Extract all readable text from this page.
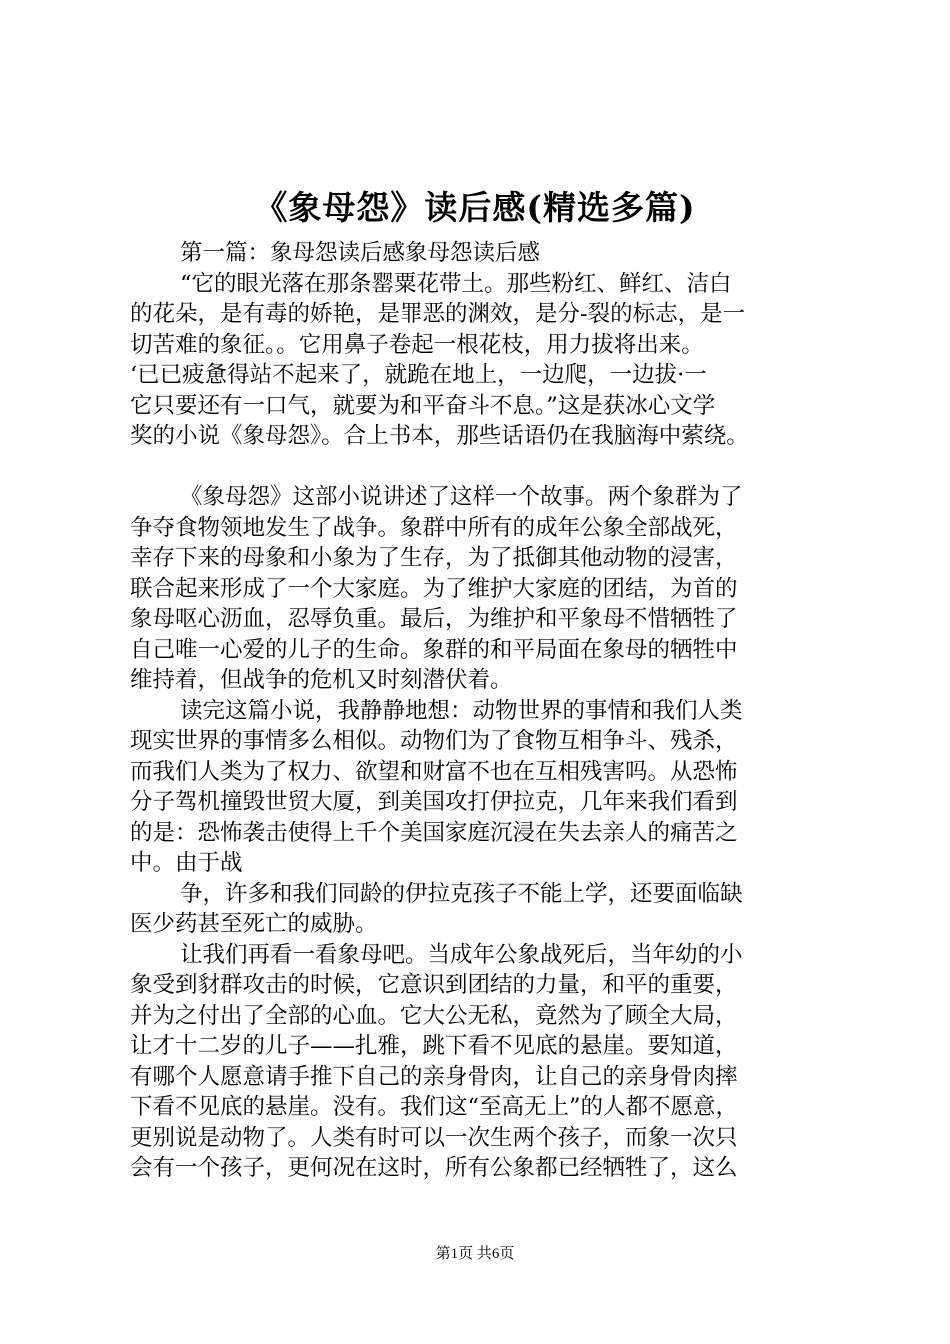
《象母怨》读后感(精选多篇)
第一篇：象母怨读后感象母怨读后感
“它的眼光落在那条罂粟花带土。那些粉红、鲜红、洁白
的花朵，是有毒的娇艳，是罪恶的渊效，是分-裂的标志，是一
切苦难的象征。。它用鼻子卷起一根花枝，用力拔将出来。
‘已已疲惫得站不起来了，就跪在地上，一边爬，一边拔·一
它只要还有一口气，就要为和平奋斗不息。”这是获冰心文学
奖的小说《象母怨》。合上书本，那些话语仍在我脑海中萦绕。
《象母怨》这部小说讲述了这样一个故事。两个象群为了
争夺食物领地发生了战争。象群中所有的成年公象全部战死，
幸存下来的母象和小象为了生存，为了抵御其他动物的浸害，
联合起来形成了一个大家庭。为了维护大家庭的团结，为首的
象母呕心沥血，忍辱负重。最后，为维护和平象母不惜牺牲了
自己唯一心爱的儿子的生命。象群的和平局面在象母的牺牲中
维持着，但战争的危机又时刻潜伏着。
读完这篇小说，我静静地想：动物世界的事情和我们人类
现实世界的事情多么相似。动物们为了食物互相争斗、残杀，
而我们人类为了权力、欲望和财富不也在互相残害吗。从恐怖
分子驾机撞毁世贸大厦，到美国攻打伊拉克，几年来我们看到
的是：恐怖袭击使得上千个美国家庭沉浸在失去亲人的痛苦之
中。由于战
争，许多和我们同龄的伊拉克孩子不能上学，还要面临缺
医少药甚至死亡的威胁。
让我们再看一看象母吧。当成年公象战死后，当年幼的小
象受到豺群攻击的时候，它意识到团结的力量，和平的重要，
并为之付出了全部的心血。它大公无私，竟然为了顾全大局，
让才十二岁的儿子——扎雅，跳下看不见底的悬崖。要知道，
有哪个人愿意请手推下自己的亲身骨肉，让自己的亲身骨肉摔
下看不见底的悬崖。没有。我们这“至高无上”的人都不愿意，
更别说是动物了。人类有时可以一次生两个孩子，而象一次只
会有一个孩子，更何况在这时，所有公象都已经牺牲了，这么
第1页 共6页
